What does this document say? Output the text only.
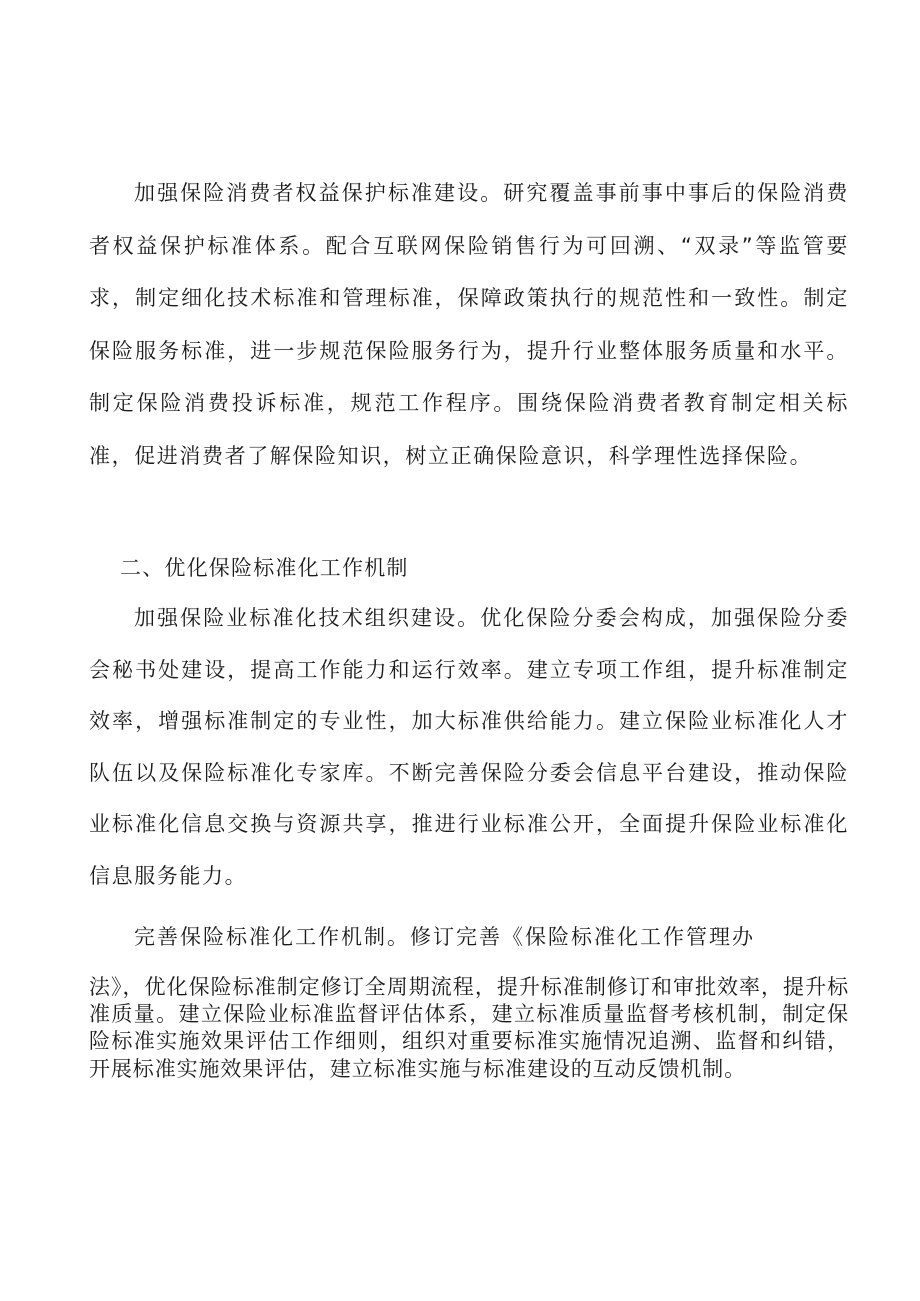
加强保险消费者权益保护标准建设。研究覆盖事前事中事后的保险消费者权益保护标准体系。配合互联网保险销售行为可回溯、“双录”等监管要求，制定细化技术标准和管理标准，保障政策执行的规范性和一致性。制定保险服务标准，进一步规范保险服务行为，提升行业整体服务质量和水平。制定保险消费投诉标准，规范工作程序。围绕保险消费者教育制定相关标准，促进消费者了解保险知识，树立正确保险意识，科学理性选择保险。
二、优化保险标准化工作机制
加强保险业标准化技术组织建设。优化保险分委会构成，加强保险分委会秘书处建设，提高工作能力和运行效率。建立专项工作组，提升标准制定效率，增强标准制定的专业性，加大标准供给能力。建立保险业标准化人才队伍以及保险标准化专家库。不断完善保险分委会信息平台建设，推动保险业标准化信息交换与资源共享，推进行业标准公开，全面提升保险业标准化信息服务能力。
完善保险标准化工作机制。修订完善《保险标准化工作管理办
法》，优化保险标准制定修订全周期流程，提升标准制修订和审批效率，提升标准质量。建立保险业标准监督评估体系，建立标准质量监督考核机制，制定保险标准实施效果评估工作细则，组织对重要标准实施情况追溯、监督和纠错，开展标准实施效果评估，建立标准实施与标准建设的互动反馈机制。
